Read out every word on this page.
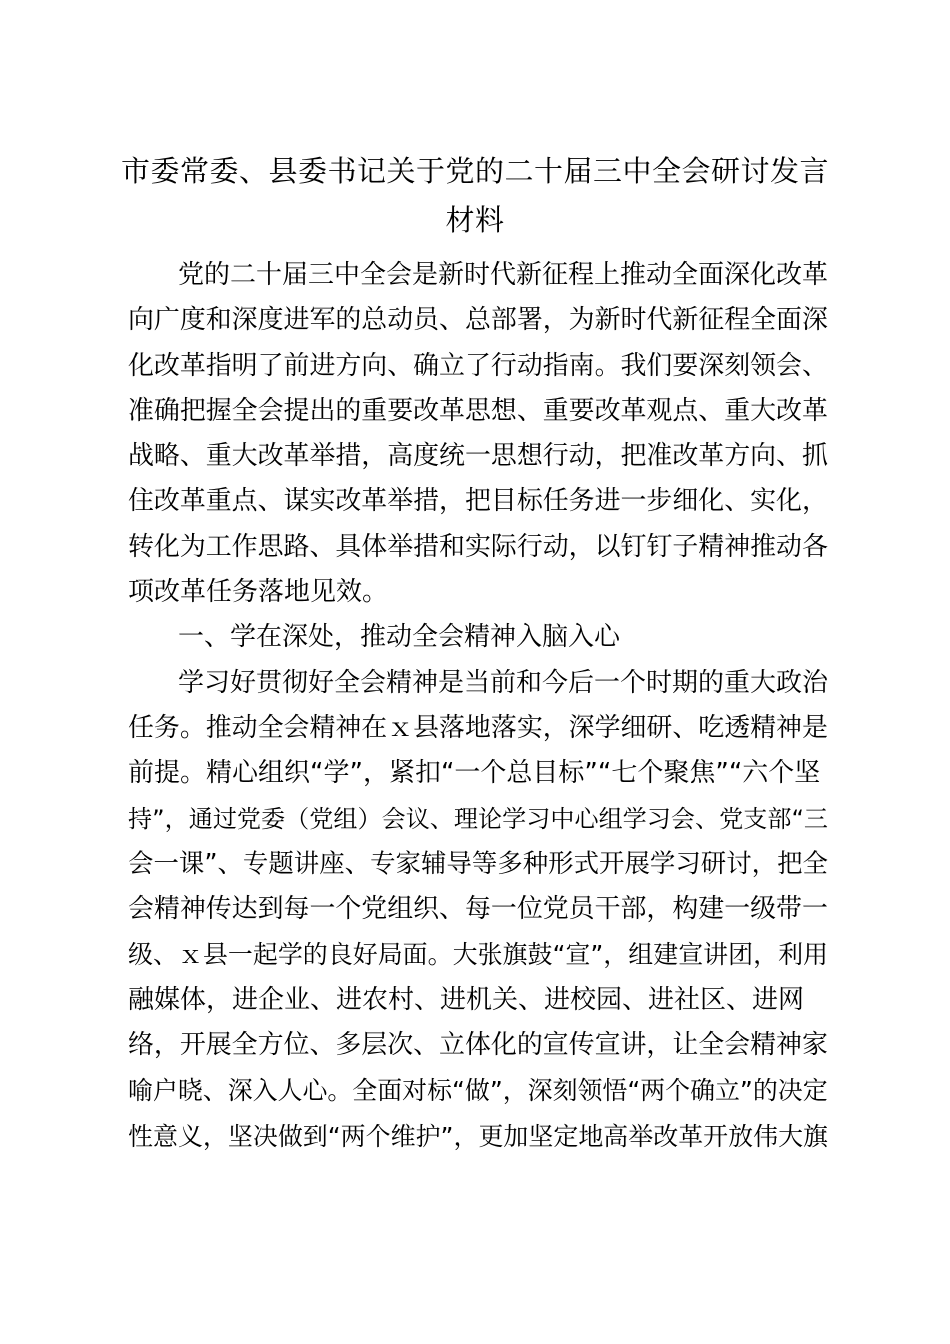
市委常委、县委书记关于党的二十届三中全会研讨发言
材料
党的二十届三中全会是新时代新征程上推动全面深化改革
向广度和深度进军的总动员、总部署，为新时代新征程全面深
化改革指明了前进方向、确立了行动指南。我们要深刻领会、
准确把握全会提出的重要改革思想、重要改革观点、重大改革
战略、重大改革举措，高度统一思想行动，把准改革方向、抓
住改革重点、谋实改革举措，把目标任务进一步细化、实化，
转化为工作思路、具体举措和实际行动，以钉钉子精神推动各
项改革任务落地见效。
一、学在深处，推动全会精神入脑入心
学习好贯彻好全会精神是当前和今后一个时期的重大政治
任务。推动全会精神在ｘ县落地落实，深学细研、吃透精神是
前提。精心组织“学”，紧扣“一个总目标”“七个聚焦”“六个坚
持”，通过党委（党组）会议、理论学习中心组学习会、党支部“三
会一课”、专题讲座、专家辅导等多种形式开展学习研讨，把全
会精神传达到每一个党组织、每一位党员干部，构建一级带一
级、ｘ县一起学的良好局面。大张旗鼓“宣”，组建宣讲团，利用
融媒体，进企业、进农村、进机关、进校园、进社区、进网
络，开展全方位、多层次、立体化的宣传宣讲，让全会精神家
喻户晓、深入人心。全面对标“做”，深刻领悟“两个确立”的决定
性意义，坚决做到“两个维护”，更加坚定地高举改革开放伟大旗
